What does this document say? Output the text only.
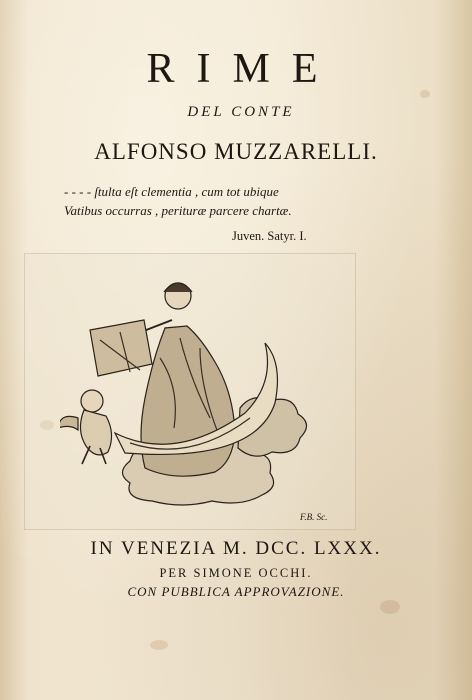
RIME
DEL CONTE
ALFONSO MUZZARELLI.
- - - - ſtulta eſt clementia , cum tot ubique
Vatibus occurras , perituræ parcere chartæ.
Juven. Satyr. I.
F.B. Sc.
IN VENEZIA M. DCC. LXXX.
PER SIMONE OCCHI.
CON PUBBLICA APPROVAZIONE.
